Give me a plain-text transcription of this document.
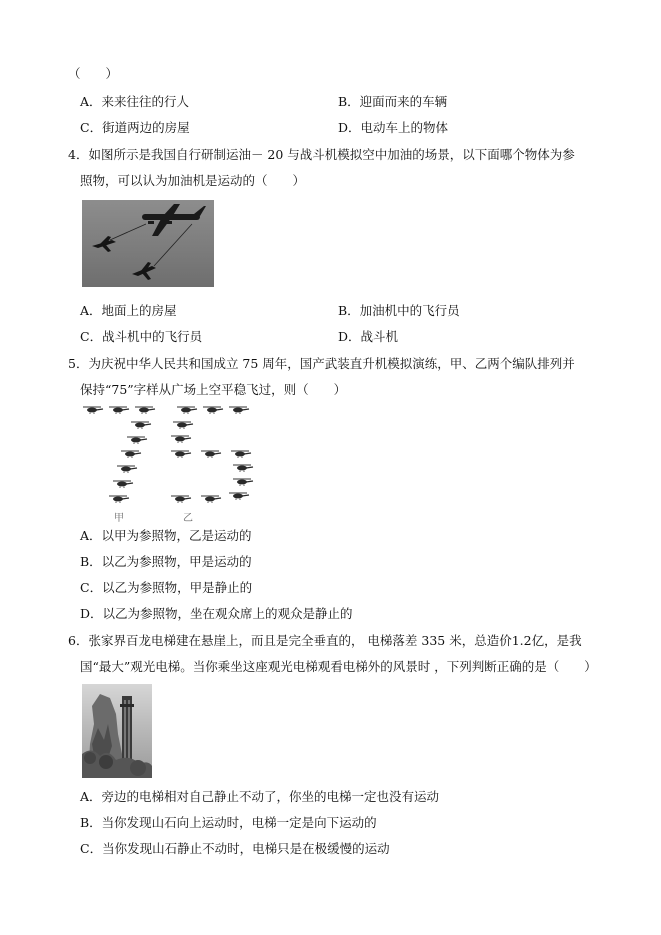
（　　）
A．来来往往的行人	B．迎面而来的车辆
C．街道两边的房屋	D．电动车上的物体
4．如图所示是我国自行研制运油－ 20 与战斗机模拟空中加油的场景，以下面哪个物体为参
照物，可以认为加油机是运动的（　　）
A．地面上的房屋	B．加油机中的飞行员
C．战斗机中的飞行员	D．战斗机
5．为庆祝中华人民共和国成立 75 周年，国产武装直升机模拟演练，甲、乙两个编队排列并
保持“75”字样从广场上空平稳飞过，则（　　）
甲	乙
A．以甲为参照物，乙是运动的
B．以乙为参照物，甲是运动的
C．以乙为参照物，甲是静止的
D．以乙为参照物，坐在观众席上的观众是静止的
6．张家界百龙电梯建在悬崖上，而且是完全垂直的， 电梯落差 335 米，总造价1.2亿，是我
国“最大”观光电梯。当你乘坐这座观光电梯观看电梯外的风景时 ，下列判断正确的是（　　）
A．旁边的电梯相对自己静止不动了，你坐的电梯一定也没有运动
B．当你发现山石向上运动时，电梯一定是向下运动的
C．当你发现山石静止不动时，电梯只是在极缓慢的运动
